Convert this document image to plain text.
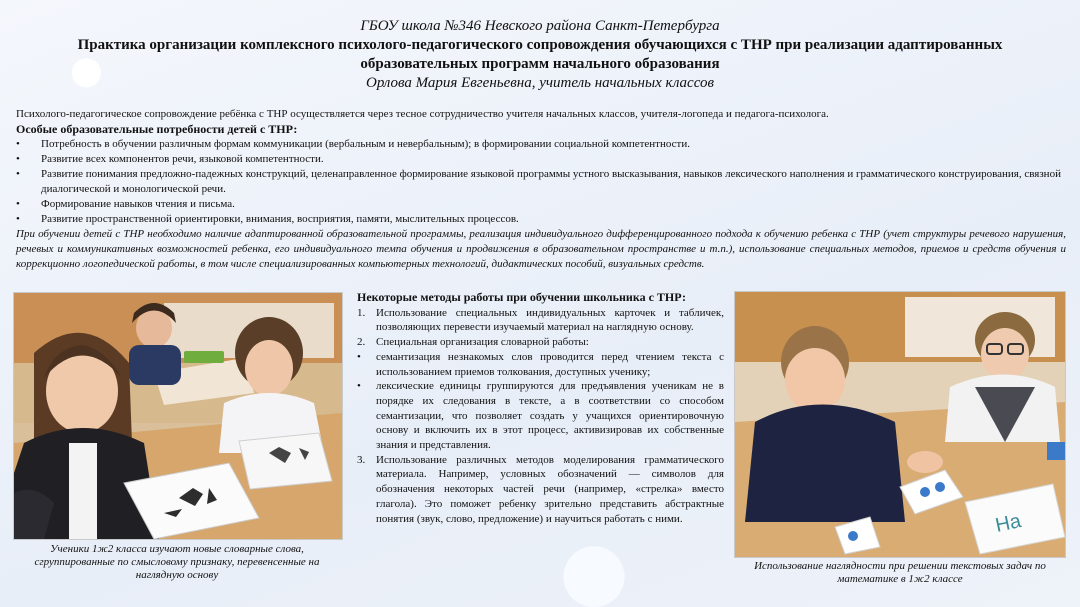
ГБОУ школа №346 Невского района Санкт-Петербурга
Практика организации комплексного психолого-педагогического сопровождения обучающихся с ТНР при реализации адаптированных образовательных программ начального образования
Орлова Мария Евгеньевна, учитель начальных классов

Психолого-педагогическое сопровождение ребёнка с ТНР осуществляется через тесное сотрудничество учителя начальных классов, учителя-логопеда и педагога-психолога.

Особые образовательные потребности детей с ТНР:
• Потребность в обучении различным формам коммуникации (вербальным и невербальным); в формировании социальной компетентности.
• Развитие всех компонентов речи, языковой компетентности.
• Развитие понимания предложно-падежных конструкций, целенаправленное формирование языковой программы устного высказывания, навыков лексического наполнения и грамматического конструирования, связной диалогической и монологической речи.
• Формирование навыков чтения и письма.
• Развитие пространственной ориентировки, внимания, восприятия, памяти, мыслительных процессов.

При обучении детей с ТНР необходимо наличие адаптированной образовательной программы, реализация индивидуального дифференцированного подхода к обучению ребенка с ТНР (учет структуры речевого нарушения, речевых и коммуникативных возможностей ребенка, его индивидуального темпа обучения и продвижения в образовательном пространстве и т.п.), использование специальных методов, приемов и средств обучения и коррекционно логопедической работы, в том числе специализированных компьютерных технологий, дидактических пособий, визуальных средств.

Ученики 1ж2 класса изучают новые словарные слова, сгруппированные по смысловому признаку, перевенсенные на наглядную основу
Некоторые методы работы при обучении школьника с ТНР:
1. Использование специальных индивидуальных карточек и табличек, позволяющих перевести изучаемый материал на наглядную основу.
2. Специальная организация словарной работы:
• семантизация незнакомых слов проводится перед чтением текста с использованием приемов толкования, доступных ученику;
• лексические единицы группируются для предъявления ученикам не в порядке их следования в тексте, а в соответствии со способом семантизации, что позволяет создать у учащихся ориентировочную основу и включить их в этот процесс, активизировав их собственные знания и представления.
3. Использование различных методов моделирования грамматического материала. Например, условных обозначений — символов для обозначения некоторых частей речи (например, «стрелка» вместо глагола). Это поможет ребенку зрительно представить абстрактные понятия (звук, слово, предложение) и научиться работать с ними.	На
Использование наглядности при решении текстовых задач по математике в 1ж2 классе
